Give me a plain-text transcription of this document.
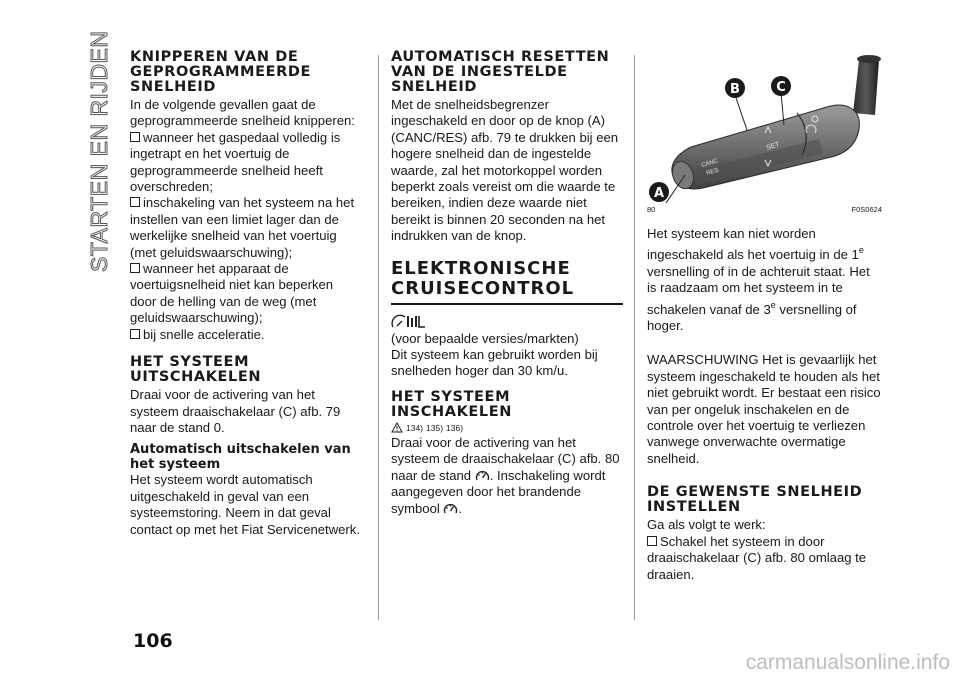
STARTEN EN RIJDEN KNIPPEREN VAN DE GEPROGRAMMEERDE SNELHEID

In de volgende gevallen gaat de geprogrammeerde snelheid knipperen:

wanneer het gaspedaal volledig is ingetrapt en het voertuig de geprogrammeerde snelheid heeft overschreden;

inschakeling van het systeem na het instellen van een limiet lager dan de werkelijke snelheid van het voertuig (met geluidswaarschuwing);

wanneer het apparaat de voertuigsnelheid niet kan beperken door de helling van de weg (met geluidswaarschuwing);

bij snelle acceleratie.

HET SYSTEEM UITSCHAKELEN

Draai voor de activering van het systeem draaischakelaar (C) afb. 79 naar de stand 0.

Automatisch uitschakelen van het systeem

Het systeem wordt automatisch uitgeschakeld in geval van een systeemstoring. Neem in dat geval contact op met het Fiat Servicenetwerk.

AUTOMATISCH RESETTEN VAN DE INGESTELDE SNELHEID

Met de snelheidsbegrenzer ingeschakeld en door op de knop (A) (CANC/RES) afb. 79 te drukken bij een hogere snelheid dan de ingestelde waarde, zal het motorkoppel worden beperkt zoals vereist om die waarde te bereiken, indien deze waarde niet bereikt is binnen 20 seconden na het indrukken van de knop.

ELEKTRONISCHE CRUISECONTROL

(voor bepaalde versies/markten)

Dit systeem kan gebruikt worden bij snelheden hoger dan 30 km/u.

HET SYSTEEM INSCHAKELEN
134) 135) 136)

Draai voor de activering van het systeem de draaischakelaar (C) afb. 80 naar de stand . Inschakeling wordt aangegeven door het brandende symbool .

CANC
RES
SET
B	C
A
80	F0S0624

Het systeem kan niet worden ingeschakeld als het voertuig in de 1e versnelling of in de achteruit staat. Het is raadzaam om het systeem in te schakelen vanaf de 3e versnelling of hoger.

WAARSCHUWING Het is gevaarlijk het systeem ingeschakeld te houden als het niet gebruikt wordt. Er bestaat een risico van per ongeluk inschakelen en de controle over het voertuig te verliezen vanwege onverwachte overmatige snelheid.

DE GEWENSTE SNELHEID INSTELLEN

Ga als volgt te werk:

Schakel het systeem in door draaischakelaar (C) afb. 80 omlaag te draaien.

106
carmanualsonline.info
